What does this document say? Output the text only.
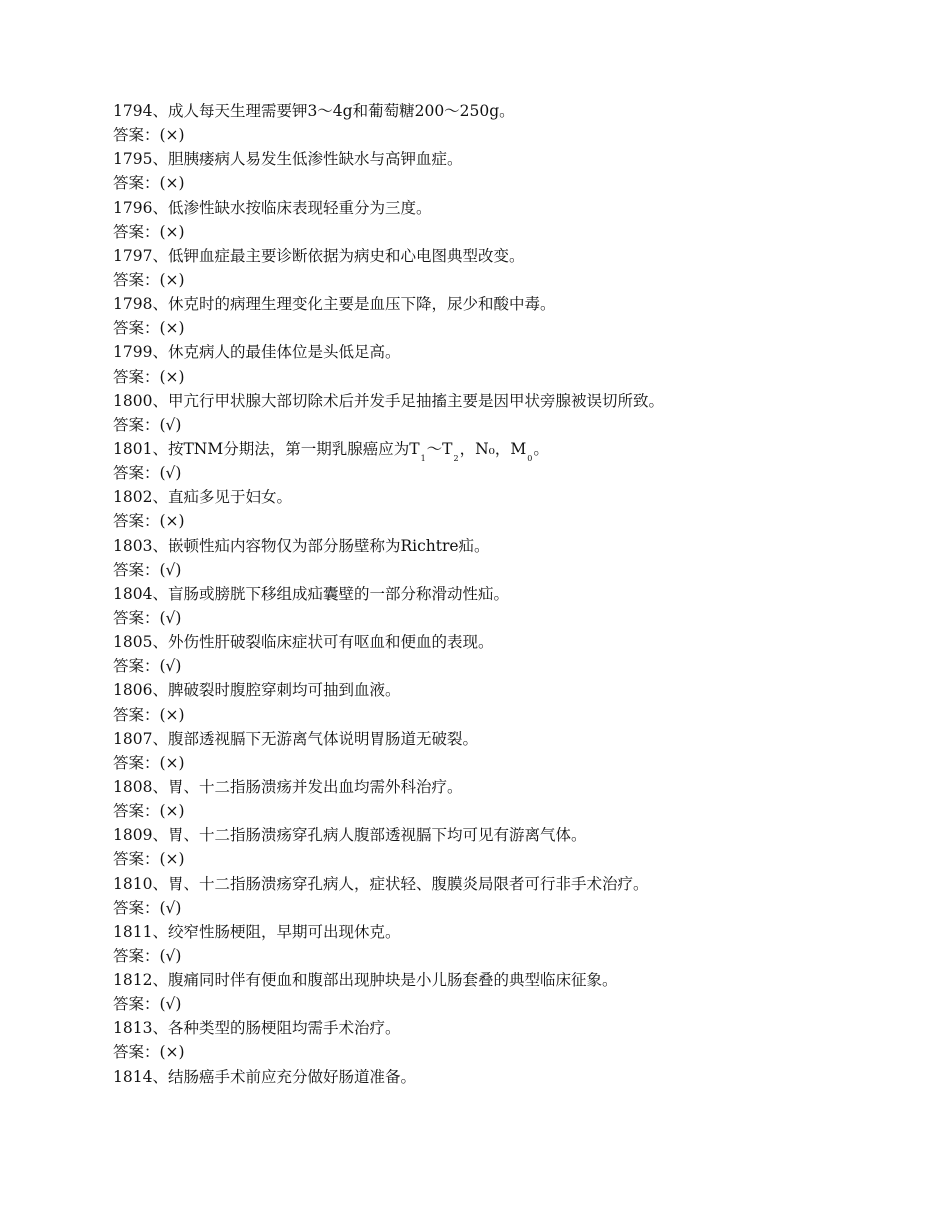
1794、成人每天生理需要钾3～4g和葡萄糖200～250g。
答案：(×)
1795、胆胰瘘病人易发生低渗性缺水与高钾血症。
答案：(×)
1796、低渗性缺水按临床表现轻重分为三度。
答案：(×)
1797、低钾血症最主要诊断依据为病史和心电图典型改变。
答案：(×)
1798、休克时的病理生理变化主要是血压下降，尿少和酸中毒。
答案：(×)
1799、休克病人的最佳体位是头低足高。
答案：(×)
1800、甲亢行甲状腺大部切除术后并发手足抽搐主要是因甲状旁腺被误切所致。
答案：(√)
1801、按TNM分期法，第一期乳腺癌应为$T_1\sim T_2$，N₀，$M_0$。
答案：(√)
1802、直疝多见于妇女。
答案：(×)
1803、嵌顿性疝内容物仅为部分肠壁称为Richtre疝。
答案：(√)
1804、盲肠或膀胱下移组成疝囊壁的一部分称滑动性疝。
答案：(√)
1805、外伤性肝破裂临床症状可有呕血和便血的表现。
答案：(√)
1806、脾破裂时腹腔穿刺均可抽到血液。
答案：(×)
1807、腹部透视膈下无游离气体说明胃肠道无破裂。
答案：(×)
1808、胃、十二指肠溃疡并发出血均需外科治疗。
答案：(×)
1809、胃、十二指肠溃疡穿孔病人腹部透视膈下均可见有游离气体。
答案：(×)
1810、胃、十二指肠溃疡穿孔病人，症状轻、腹膜炎局限者可行非手术治疗。
答案：(√)
1811、绞窄性肠梗阻，早期可出现休克。
答案：(√)
1812、腹痛同时伴有便血和腹部出现肿块是小儿肠套叠的典型临床征象。
答案：(√)
1813、各种类型的肠梗阻均需手术治疗。
答案：(×)
1814、结肠癌手术前应充分做好肠道准备。
